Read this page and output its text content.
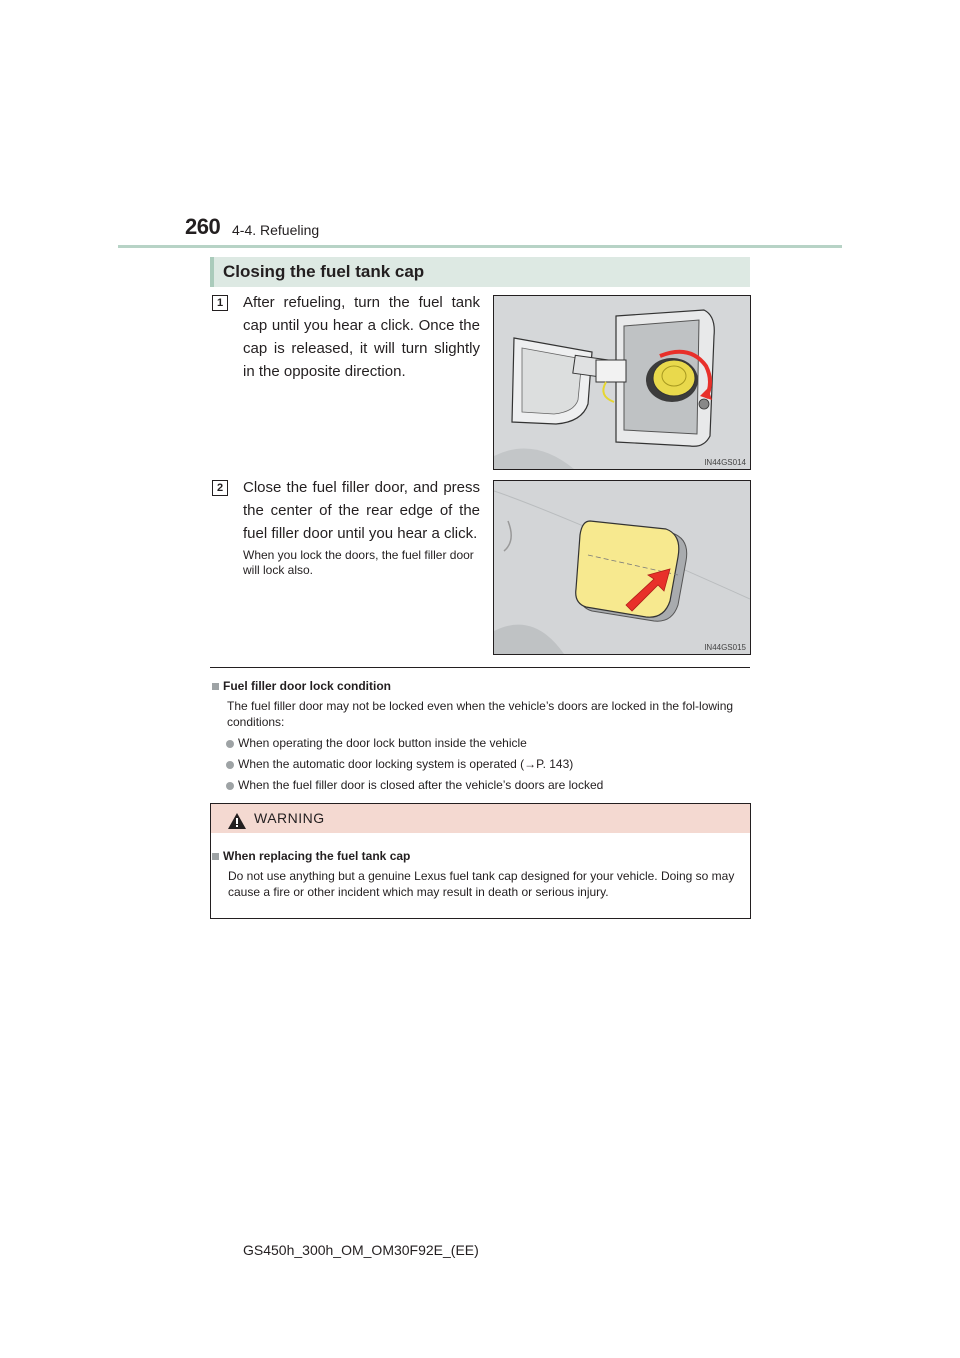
260 4-4. Refueling
Closing the fuel tank cap
1	After refueling, turn the fuel tank cap until you hear a click. Once the cap is released, it will turn slightly in the opposite direction.
IN44GS014
2	Close the fuel filler door, and press the center of the rear edge of the fuel filler door until you hear a click.
When you lock the doors, the fuel filler door will lock also.
IN44GS015
Fuel filler door lock condition
The fuel filler door may not be locked even when the vehicle’s doors are locked in the fol-lowing conditions:
When operating the door lock button inside the vehicle
When the automatic door locking system is operated (→P. 143)
When the fuel filler door is closed after the vehicle’s doors are locked
WARNING
When replacing the fuel tank cap
Do not use anything but a genuine Lexus fuel tank cap designed for your vehicle. Doing so may cause a fire or other incident which may result in death or serious injury.
GS450h_300h_OM_OM30F92E_(EE)
